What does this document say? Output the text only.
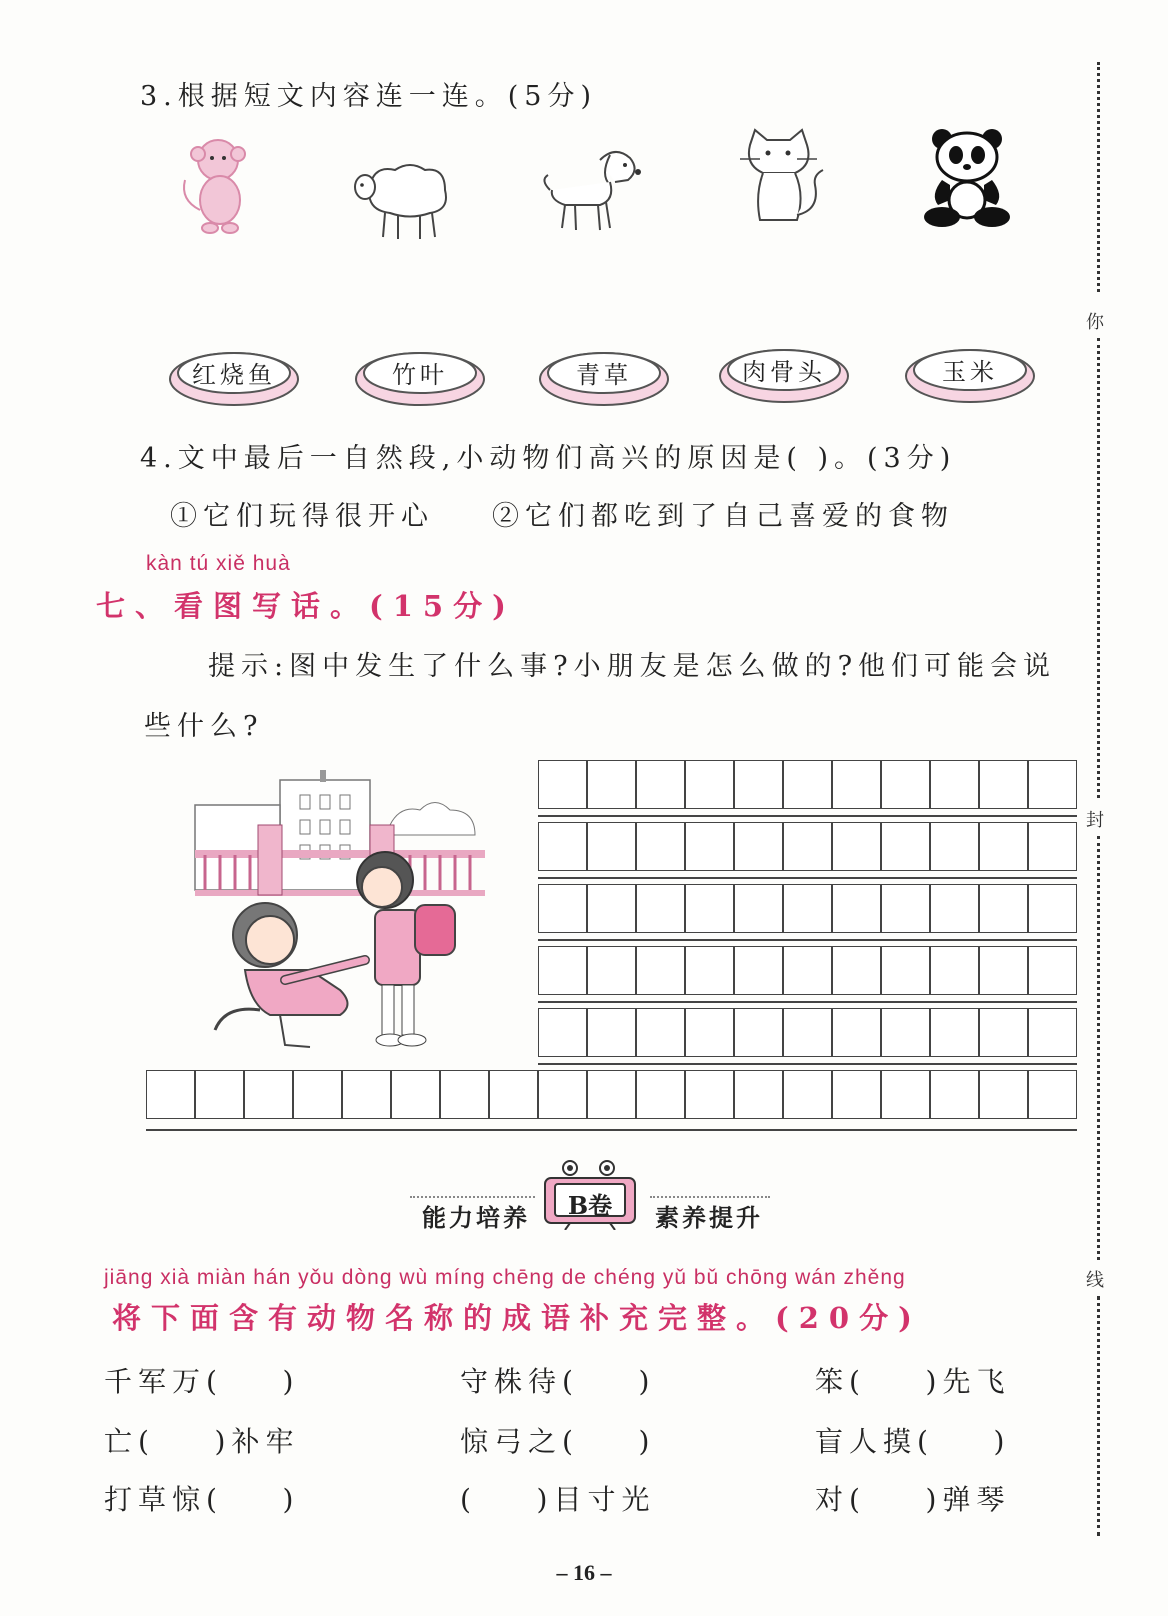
3.根据短文内容连一连。(5分)
红烧鱼	竹叶	青草	肉骨头	玉米
4.文中最后一自然段,小动物们高兴的原因是( )。(3分)
①它们玩得很开心 ②它们都吃到了自己喜爱的食物
kàn tú xiě huà
七、看图写话。(15分)
提示:图中发生了什么事?小朋友是怎么做的?他们可能会说
些什么?
能力培养	B卷	素养提升
jiāng xià miàn hán yǒu dòng wù míng chēng de chéng yǔ bǔ chōng wán zhěng
将下面含有动物名称的成语补充完整。(20分)
千军万(    )	守株待(    )	笨(    )先飞
亡(    )补牢	惊弓之(    )	盲人摸(    )
打草惊(    )	(    )目寸光	对(    )弹琴
– 16 –
你
封
线
